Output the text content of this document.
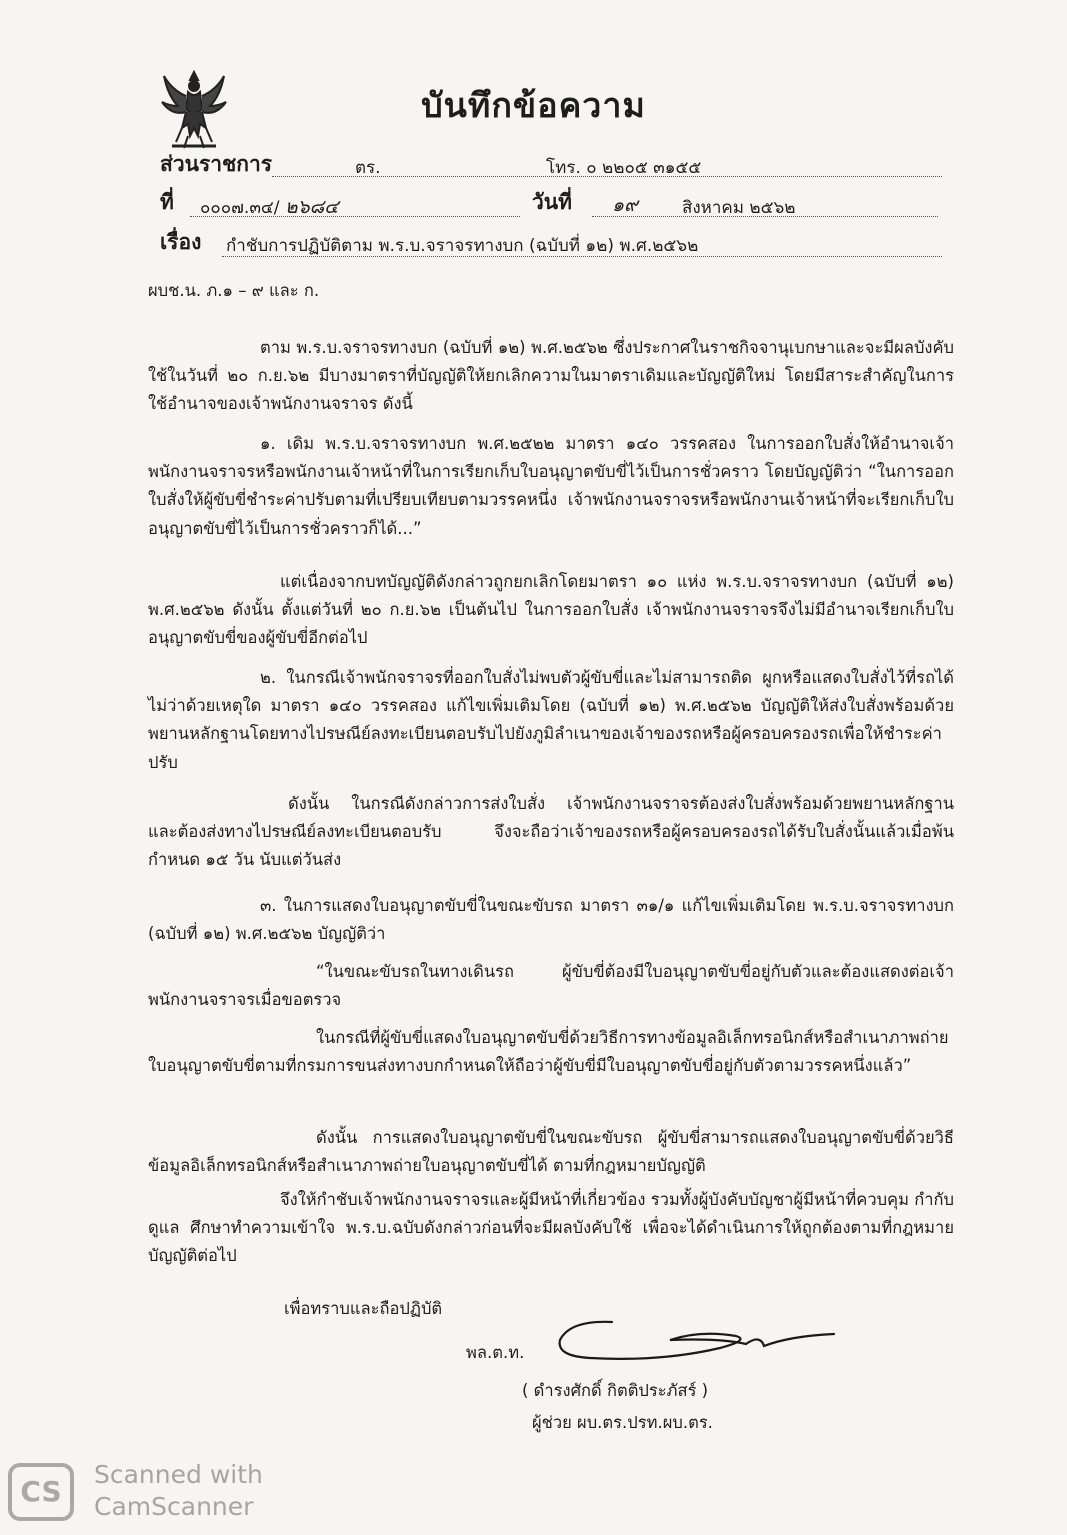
บันทึกข้อความ
ส่วนราชการ	ตร.	โทร. ๐ ๒๒๐๕ ๓๑๕๕
ที่ ๐๐๐๗.๓๔/ ๒๖๘๔	วันที่ ๑๙	สิงหาคม ๒๕๖๒
เรื่อง กำชับการปฏิบัติตาม พ.ร.บ.จราจรทางบก (ฉบับที่ ๑๒) พ.ศ.๒๕๖๒
ผบช.น. ภ.๑ – ๙ และ ก.

ตาม พ.ร.บ.จราจรทางบก (ฉบับที่ ๑๒) พ.ศ.๒๕๖๒ ซึ่งประกาศในราชกิจจานุเบกษาและจะมีผลบังคับใช้ในวันที่ ๒๐ ก.ย.๖๒ มีบางมาตราที่บัญญัติให้ยกเลิกความในมาตราเดิมและบัญญัติใหม่ โดยมีสาระสำคัญในการใช้อำนาจของเจ้าพนักงานจราจร ดังนี้

๑. เดิม พ.ร.บ.จราจรทางบก พ.ศ.๒๕๒๒ มาตรา ๑๔๐ วรรคสอง ในการออกใบสั่งให้อำนาจเจ้าพนักงานจราจรหรือพนักงานเจ้าหน้าที่ในการเรียกเก็บใบอนุญาตขับขี่ไว้เป็นการชั่วคราว โดยบัญญัติว่า “ในการออกใบสั่งให้ผู้ขับขี่ชำระค่าปรับตามที่เปรียบเทียบตามวรรคหนึ่ง เจ้าพนักงานจราจรหรือพนักงานเจ้าหน้าที่จะเรียกเก็บใบอนุญาตขับขี่ไว้เป็นการชั่วคราวก็ได้...”

แต่เนื่องจากบทบัญญัติดังกล่าวถูกยกเลิกโดยมาตรา ๑๐ แห่ง พ.ร.บ.จราจรทางบก (ฉบับที่ ๑๒) พ.ศ.๒๕๖๒ ดังนั้น ตั้งแต่วันที่ ๒๐ ก.ย.๖๒ เป็นต้นไป ในการออกใบสั่ง เจ้าพนักงานจราจรจึงไม่มีอำนาจเรียกเก็บใบอนุญาตขับขี่ของผู้ขับขี่อีกต่อไป

๒. ในกรณีเจ้าพนักจราจรที่ออกใบสั่งไม่พบตัวผู้ขับขี่และไม่สามารถติด ผูกหรือแสดงใบสั่งไว้ที่รถได้ไม่ว่าด้วยเหตุใด มาตรา ๑๔๐ วรรคสอง แก้ไขเพิ่มเติมโดย (ฉบับที่ ๑๒) พ.ศ.๒๕๖๒ บัญญัติให้ส่งใบสั่งพร้อมด้วยพยานหลักฐานโดยทางไปรษณีย์ลงทะเบียนตอบรับไปยังภูมิลำเนาของเจ้าของรถหรือผู้ครอบครองรถเพื่อให้ชำระค่าปรับ

ดังนั้น ในกรณีดังกล่าวการส่งใบสั่ง เจ้าพนักงานจราจรต้องส่งใบสั่งพร้อมด้วยพยานหลักฐาน และต้องส่งทางไปรษณีย์ลงทะเบียนตอบรับ จึงจะถือว่าเจ้าของรถหรือผู้ครอบครองรถได้รับใบสั่งนั้นแล้วเมื่อพ้นกำหนด ๑๕ วัน นับแต่วันส่ง

๓. ในการแสดงใบอนุญาตขับขี่ในขณะขับรถ มาตรา ๓๑/๑ แก้ไขเพิ่มเติมโดย พ.ร.บ.จราจรทางบก (ฉบับที่ ๑๒) พ.ศ.๒๕๖๒ บัญญัติว่า

“ในขณะขับรถในทางเดินรถ ผู้ขับขี่ต้องมีใบอนุญาตขับขี่อยู่กับตัวและต้องแสดงต่อเจ้าพนักงานจราจรเมื่อขอตรวจ

ในกรณีที่ผู้ขับขี่แสดงใบอนุญาตขับขี่ด้วยวิธีการทางข้อมูลอิเล็กทรอนิกส์หรือสำเนาภาพถ่ายใบอนุญาตขับขี่ตามที่กรมการขนส่งทางบกกำหนดให้ถือว่าผู้ขับขี่มีใบอนุญาตขับขี่อยู่กับตัวตามวรรคหนึ่งแล้ว”

ดังนั้น การแสดงใบอนุญาตขับขี่ในขณะขับรถ ผู้ขับขี่สามารถแสดงใบอนุญาตขับขี่ด้วยวิธีข้อมูลอิเล็กทรอนิกส์หรือสำเนาภาพถ่ายใบอนุญาตขับขี่ได้ ตามที่กฎหมายบัญญัติ

จึงให้กำชับเจ้าพนักงานจราจรและผู้มีหน้าที่เกี่ยวข้อง รวมทั้งผู้บังคับบัญชาผู้มีหน้าที่ควบคุม กำกับ ดูแล ศึกษาทำความเข้าใจ พ.ร.บ.ฉบับดังกล่าวก่อนที่จะมีผลบังคับใช้ เพื่อจะได้ดำเนินการให้ถูกต้องตามที่กฎหมายบัญญัติต่อไป

เพื่อทราบและถือปฏิบัติ
พล.ต.ท.
( ดำรงศักดิ์ กิตติประภัสร์ )
ผู้ช่วย ผบ.ตร.ปรท.ผบ.ตร.
CS
Scanned with
CamScanner
